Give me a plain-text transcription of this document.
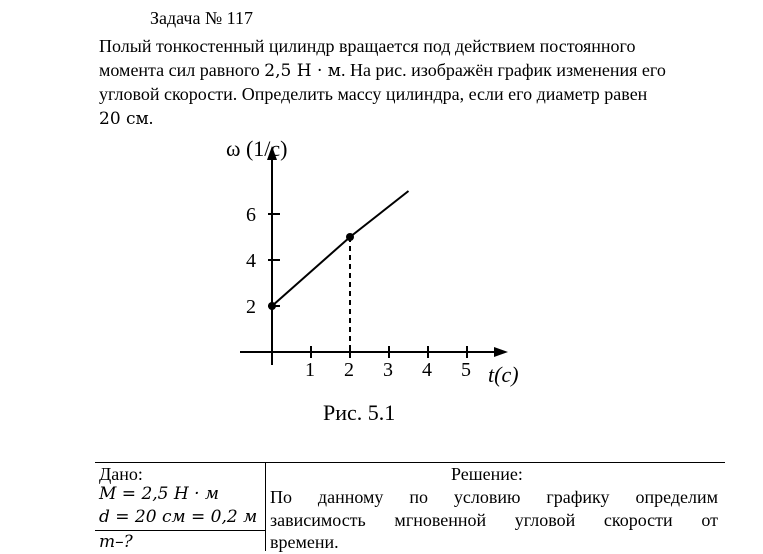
Задача № 117
Полый тонкостенный цилиндр вращается под действием постоянного
момента сил равного 2,5 Н · м. На рис. изображён график изменения его
угловой скорости. Определить массу цилиндра, если его диаметр равен
20 см.
1 2 3 4 5
2
4
6
ω (1/с)
t(c)
Рис. 5.1
Дано:
M = 2,5 Н · м
d = 20 см = 0,2 м
m–?
Решение:
По данному по условию графику определим
зависимость мгновенной угловой скорости от
времени.
